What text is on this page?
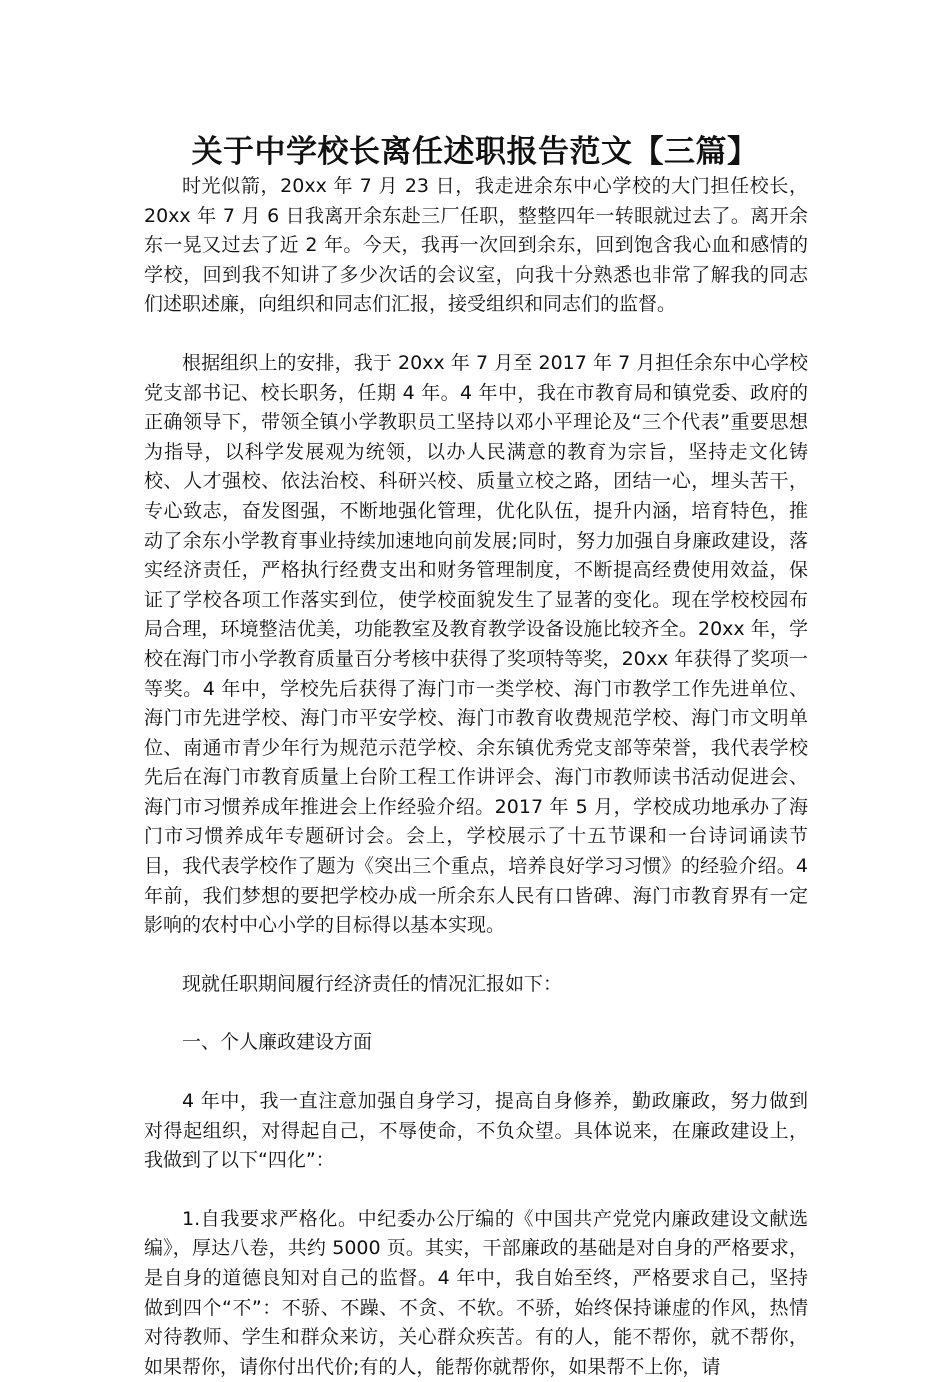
关于中学校长离任述职报告范文【三篇】

时光似箭，20xx 年 7 月 23 日，我走进余东中心学校的大门担任校长，20xx 年 7 月 6 日我离开余东赴三厂任职，整整四年一转眼就过去了。离开余东一晃又过去了近 2 年。今天，我再一次回到余东，回到饱含我心血和感情的学校，回到我不知讲了多少次话的会议室，向我十分熟悉也非常了解我的同志们述职述廉，向组织和同志们汇报，接受组织和同志们的监督。

根据组织上的安排，我于 20xx 年 7 月至 2017 年 7 月担任余东中心学校党支部书记、校长职务，任期 4 年。4 年中，我在市教育局和镇党委、政府的正确领导下，带领全镇小学教职员工坚持以邓小平理论及“三个代表”重要思想为指导，以科学发展观为统领，以办人民满意的教育为宗旨，坚持走文化铸校、人才强校、依法治校、科研兴校、质量立校之路，团结一心，埋头苦干，专心致志，奋发图强，不断地强化管理，优化队伍，提升内涵，培育特色，推动了余东小学教育事业持续加速地向前发展;同时，努力加强自身廉政建设，落实经济责任，严格执行经费支出和财务管理制度，不断提高经费使用效益，保证了学校各项工作落实到位，使学校面貌发生了显著的变化。现在学校校园布局合理，环境整洁优美，功能教室及教育教学设备设施比较齐全。20xx 年，学校在海门市小学教育质量百分考核中获得了奖项特等奖，20xx 年获得了奖项一等奖。4 年中，学校先后获得了海门市一类学校、海门市教学工作先进单位、海门市先进学校、海门市平安学校、海门市教育收费规范学校、海门市文明单位、南通市青少年行为规范示范学校、余东镇优秀党支部等荣誉，我代表学校先后在海门市教育质量上台阶工程工作讲评会、海门市教师读书活动促进会、海门市习惯养成年推进会上作经验介绍。2017 年 5 月，学校成功地承办了海门市习惯养成年专题研讨会。会上，学校展示了十五节课和一台诗词诵读节目，我代表学校作了题为《突出三个重点，培养良好学习习惯》的经验介绍。4 年前，我们梦想的要把学校办成一所余东人民有口皆碑、海门市教育界有一定影响的农村中心小学的目标得以基本实现。

现就任职期间履行经济责任的情况汇报如下：

一、个人廉政建设方面

4 年中，我一直注意加强自身学习，提高自身修养，勤政廉政，努力做到对得起组织，对得起自己，不辱使命，不负众望。具体说来，在廉政建设上，我做到了以下“四化”：

1.自我要求严格化。中纪委办公厅编的《中国共产党党内廉政建设文献选编》，厚达八卷，共约 5000 页。其实，干部廉政的基础是对自身的严格要求，是自身的道德良知对自己的监督。4 年中，我自始至终，严格要求自己，坚持做到四个“不”：不骄、不躁、不贪、不软。不骄，始终保持谦虚的作风，热情对待教师、学生和群众来访，关心群众疾苦。有的人，能不帮你，就不帮你，如果帮你，请你付出代价;有的人，能帮你就帮你，如果帮不上你，请
